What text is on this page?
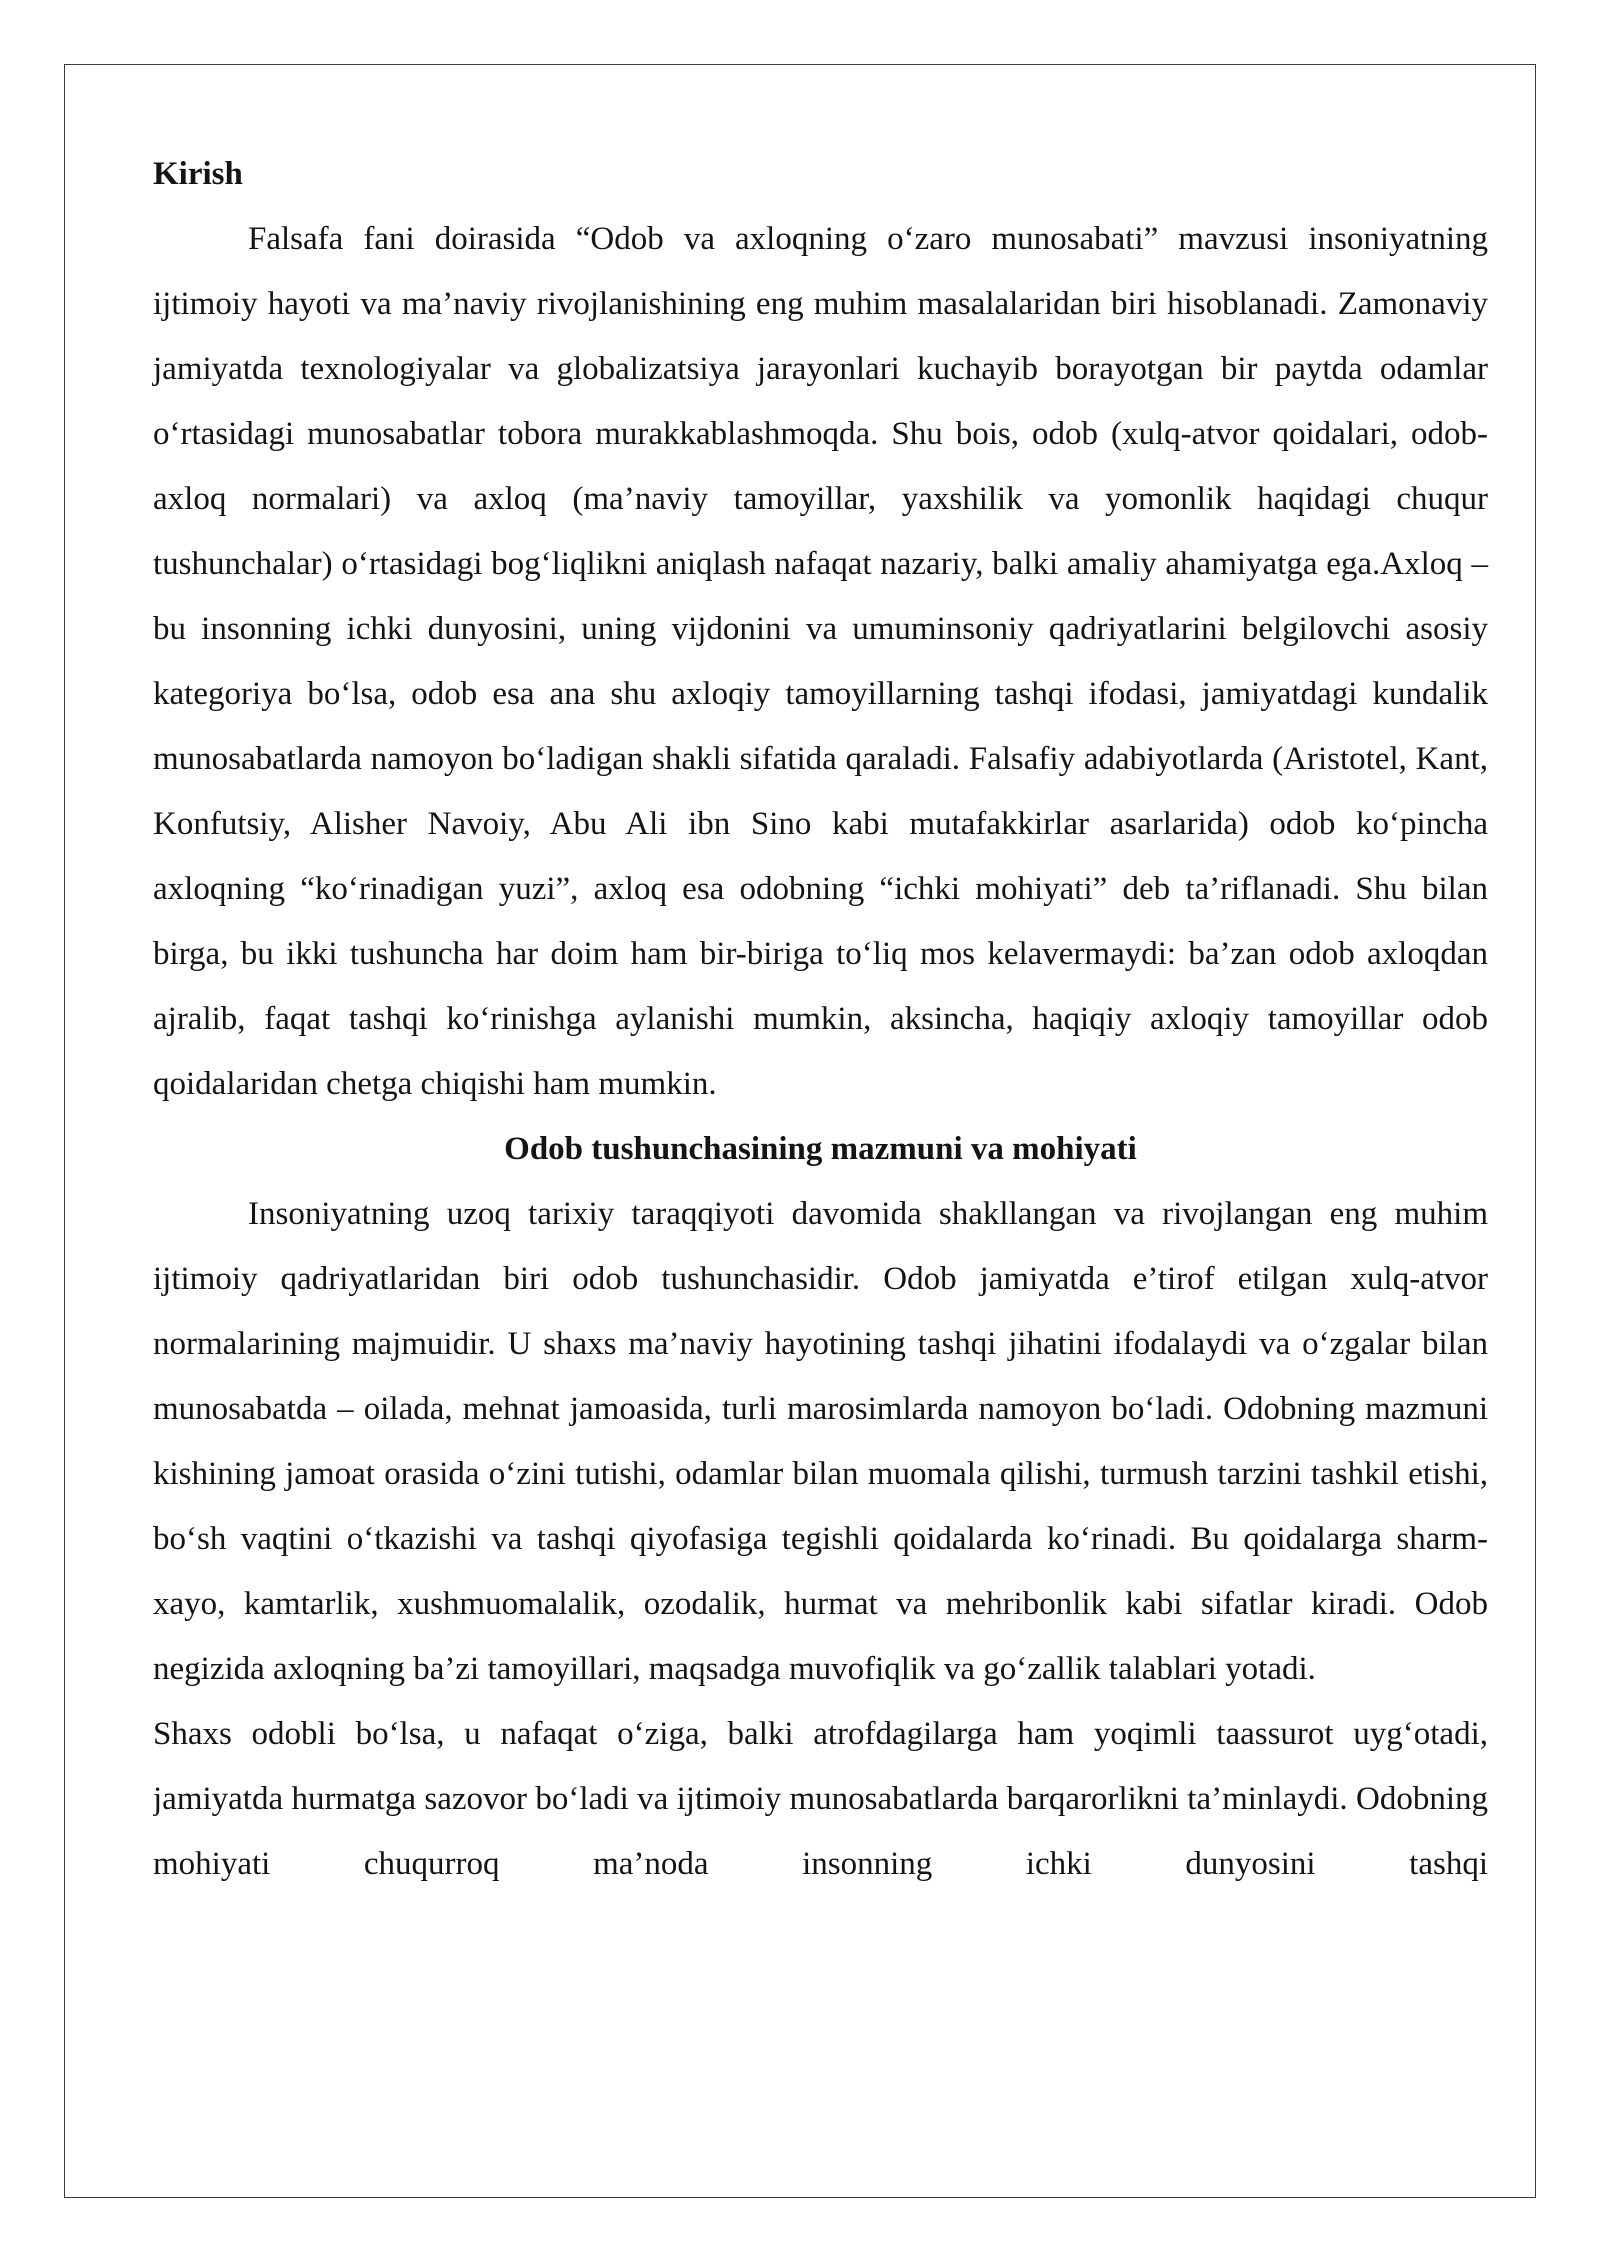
Kirish

Falsafa fani doirasida “Odob va axloqning o‘zaro munosabati” mavzusi insoniyatning ijtimoiy hayoti va ma’naviy rivojlanishining eng muhim masalalaridan biri hisoblanadi. Zamonaviy jamiyatda texnologiyalar va globalizatsiya jarayonlari kuchayib borayotgan bir paytda odamlar o‘rtasidagi munosabatlar tobora murakkablashmoqda. Shu bois, odob (xulq-atvor qoidalari, odob-axloq normalari) va axloq (ma’naviy tamoyillar, yaxshilik va yomonlik haqidagi chuqur tushunchalar) o‘rtasidagi bog‘liqlikni aniqlash nafaqat nazariy, balki amaliy ahamiyatga ega.Axloq – bu insonning ichki dunyosini, uning vijdonini va umuminsoniy qadriyatlarini belgilovchi asosiy kategoriya bo‘lsa, odob esa ana shu axloqiy tamoyillarning tashqi ifodasi, jamiyatdagi kundalik munosabatlarda namoyon bo‘ladigan shakli sifatida qaraladi. Falsafiy adabiyotlarda (Aristotel, Kant, Konfutsiy, Alisher Navoiy, Abu Ali ibn Sino kabi mutafakkirlar asarlarida) odob ko‘pincha axloqning “ko‘rinadigan yuzi”, axloq esa odobning “ichki mohiyati” deb ta’riflanadi. Shu bilan birga, bu ikki tushuncha har doim ham bir-biriga to‘liq mos kelavermaydi: ba’zan odob axloqdan ajralib, faqat tashqi ko‘rinishga aylanishi mumkin, aksincha, haqiqiy axloqiy tamoyillar odob qoidalaridan chetga chiqishi ham mumkin.

Odob tushunchasining mazmuni va mohiyati

Insoniyatning uzoq tarixiy taraqqiyoti davomida shakllangan va rivojlangan eng muhim ijtimoiy qadriyatlaridan biri odob tushunchasidir. Odob jamiyatda e’tirof etilgan xulq-atvor normalarining majmuidir. U shaxs ma’naviy hayotining tashqi jihatini ifodalaydi va o‘zgalar bilan munosabatda – oilada, mehnat jamoasida, turli marosimlarda namoyon bo‘ladi. Odobning mazmuni kishining jamoat orasida o‘zini tutishi, odamlar bilan muomala qilishi, turmush tarzini tashkil etishi, bo‘sh vaqtini o‘tkazishi va tashqi qiyofasiga tegishli qoidalarda ko‘rinadi. Bu qoidalarga sharm-xayo, kamtarlik, xushmuomalalik, ozodalik, hurmat va mehribonlik kabi sifatlar kiradi. Odob negizida axloqning ba’zi tamoyillari, maqsadga muvofiqlik va go‘zallik talablari yotadi.

Shaxs odobli bo‘lsa, u nafaqat o‘ziga, balki atrofdagilarga ham yoqimli taassurot uyg‘otadi, jamiyatda hurmatga sazovor bo‘ladi va ijtimoiy munosabatlarda barqarorlikni ta’minlaydi. Odobning mohiyati chuqurroq ma’noda insonning ichki dunyosini tashqi
